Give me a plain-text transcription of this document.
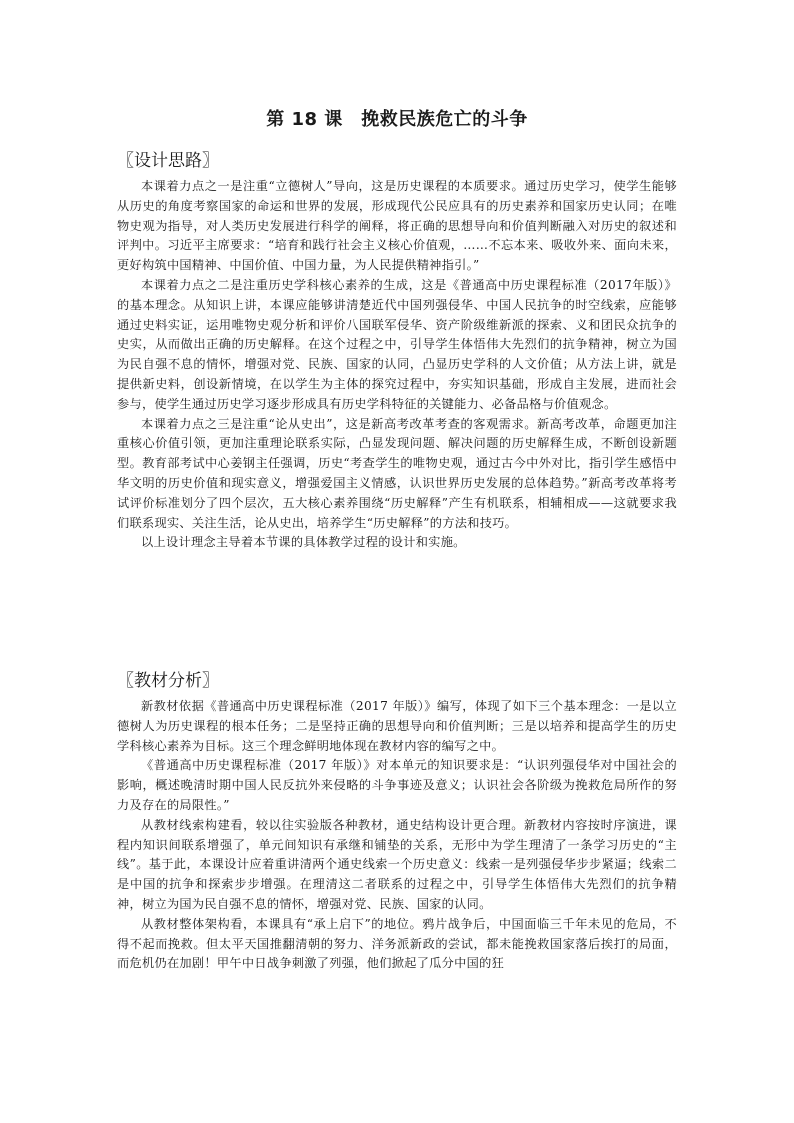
第 18 课　挽救民族危亡的斗争
〖设计思路〗

本课着力点之一是注重“立德树人”导向，这是历史课程的本质要求。通过历史学习，使学生能够从历史的角度考察国家的命运和世界的发展，形成现代公民应具有的历史素养和国家历史认同；在唯物史观为指导，对人类历史发展进行科学的阐释，将正确的思想导向和价值判断融入对历史的叙述和评判中。习近平主席要求：“培育和践行社会主义核心价值观，……不忘本来、吸收外来、面向未来，更好构筑中国精神、中国价值、中国力量，为人民提供精神指引。”

本课着力点之二是注重历史学科核心素养的生成，这是《普通高中历史课程标准（2017年版）》的基本理念。从知识上讲，本课应能够讲清楚近代中国列强侵华、中国人民抗争的时空线索，应能够通过史料实证，运用唯物史观分析和评价八国联军侵华、资产阶级维新派的探索、义和团民众抗争的史实，从而做出正确的历史解释。在这个过程之中，引导学生体悟伟大先烈们的抗争精神，树立为国为民自强不息的情怀，增强对党、民族、国家的认同，凸显历史学科的人文价值；从方法上讲，就是提供新史料，创设新情境，在以学生为主体的探究过程中，夯实知识基础，形成自主发展，进而社会参与，使学生通过历史学习逐步形成具有历史学科特征的关键能力、必备品格与价值观念。

本课着力点之三是注重“论从史出”，这是新高考改革考查的客观需求。新高考改革，命题更加注重核心价值引领，更加注重理论联系实际，凸显发现问题、解决问题的历史解释生成，不断创设新题型。教育部考试中心姜钢主任强调，历史“考查学生的唯物史观，通过古今中外对比，指引学生感悟中华文明的历史价值和现实意义，增强爱国主义情感，认识世界历史发展的总体趋势。”新高考改革将考试评价标准划分了四个层次，五大核心素养围绕“历史解释”产生有机联系，相辅相成——这就要求我们联系现实、关注生活，论从史出，培养学生“历史解释”的方法和技巧。

以上设计理念主导着本节课的具体教学过程的设计和实施。

〖教材分析〗

新教材依据《普通高中历史课程标准（2017 年版）》编写，体现了如下三个基本理念：一是以立德树人为历史课程的根本任务；二是坚持正确的思想导向和价值判断；三是以培养和提高学生的历史学科核心素养为目标。这三个理念鲜明地体现在教材内容的编写之中。

《普通高中历史课程标准（2017 年版）》对本单元的知识要求是：“认识列强侵华对中国社会的影响，概述晚清时期中国人民反抗外来侵略的斗争事迹及意义；认识社会各阶级为挽救危局所作的努力及存在的局限性。”

从教材线索构建看，较以往实验版各种教材，通史结构设计更合理。新教材内容按时序演进，课程内知识间联系增强了，单元间知识有承继和铺垫的关系，无形中为学生理清了一条学习历史的“主线”。基于此，本课设计应着重讲清两个通史线索一个历史意义：线索一是列强侵华步步紧逼；线索二是中国的抗争和探索步步增强。在理清这二者联系的过程之中，引导学生体悟伟大先烈们的抗争精神，树立为国为民自强不息的情怀，增强对党、民族、国家的认同。

从教材整体架构看，本课具有“承上启下”的地位。鸦片战争后，中国面临三千年未见的危局，不得不起而挽救。但太平天国推翻清朝的努力、洋务派新政的尝试，都未能挽救国家落后挨打的局面，而危机仍在加剧！甲午中日战争刺激了列强，他们掀起了瓜分中国的狂
